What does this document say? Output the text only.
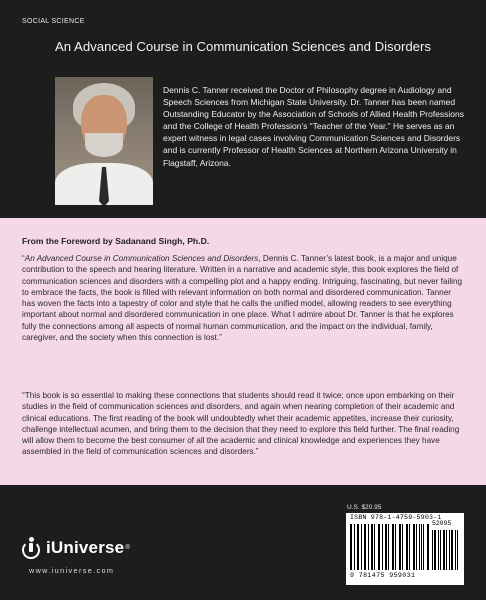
SOCIAL SCIENCE
An Advanced Course in Communication Sciences and Disorders
Dennis C. Tanner received the Doctor of Philosophy degree in Audiology and Speech Sciences from Michigan State University. Dr. Tanner has been named Outstanding Educator by the Association of Schools of Allied Health Professions and the College of Health Profession’s “Teacher of the Year.” He serves as an expert witness in legal cases involving Communication Sciences and Disorders and is currently Professor of Health Sciences at Northern Arizona University in Flagstaff, Arizona.
From the Foreword by Sadanand Singh, Ph.D.
“An Advanced Course in Communication Sciences and Disorders, Dennis C. Tanner’s latest book, is a major and unique contribution to the speech and hearing literature. Written in a narrative and academic style, this book explores the field of communication sciences and disorders with a compelling plot and a happy ending. Intriguing, fascinating, but never failing to embrace the facts, the book is filled with relevant information on both normal and disordered communication. Tanner has woven the facts into a tapestry of color and style that he calls the unified model, allowing readers to see everything important about normal and disordered communication in one place. What I admire about Dr. Tanner is that he explores fully the connections among all aspects of normal human communication, and the impact on the individual, family, caregiver, and the society when this connection is lost.”
“This book is so essential to making these connections that students should read it twice; once upon embarking on their studies in the field of communication sciences and disorders, and again when nearing completion of their academic and clinical educations. The first reading of the book will undoubtedly whet their academic appetites, increase their curiosity, challenge intellectual acumen, and bring them to the decision that they need to explore this field further. The final reading will allow them to become the best consumer of all the academic and clinical knowledge and experiences they have assembled in the field of communication sciences and disorders.”
U.S. $20.95
ISBN 978-1-4759-5903-1
52095
9 781475 959031
iUniverse ®
www.iuniverse.com
